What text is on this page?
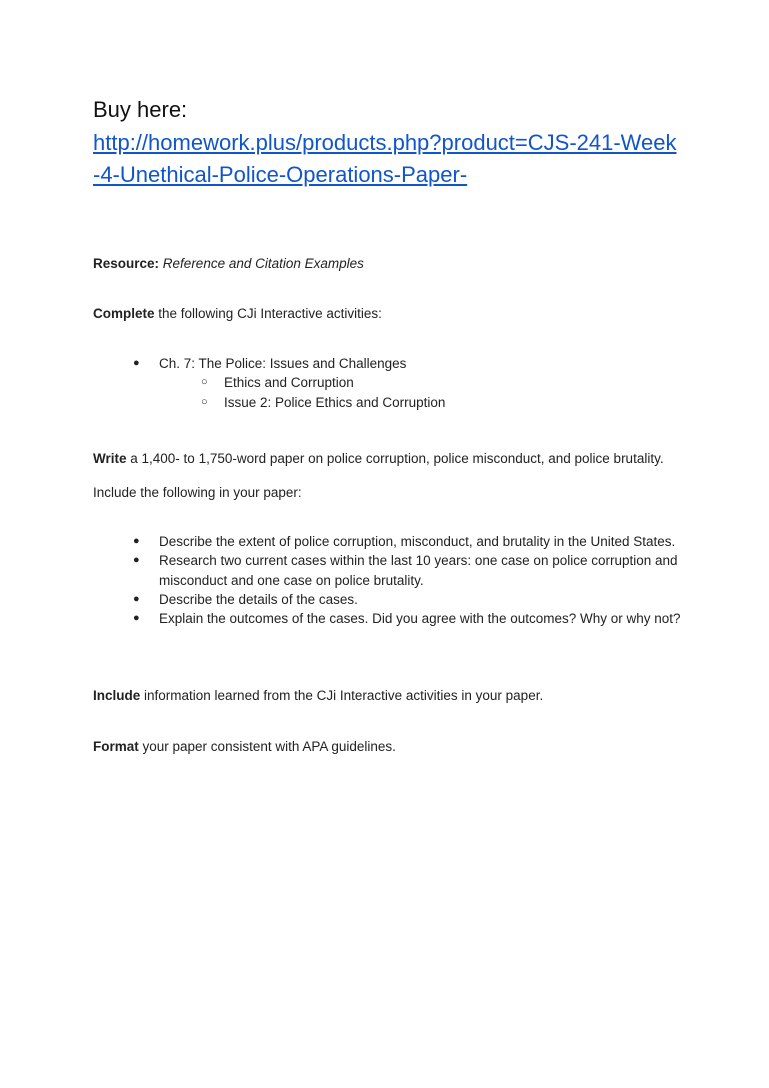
Buy here:
http://homework.plus/products.php?product=CJS-241-Week-4-Unethical-Police-Operations-Paper-

Resource: Reference and Citation Examples

Complete the following CJi Interactive activities:

● Ch. 7: The Police: Issues and Challenges
○ Ethics and Corruption
○ Issue 2: Police Ethics and Corruption

Write a 1,400- to 1,750-word paper on police corruption, police misconduct, and police brutality. Include the following in your paper:

● Describe the extent of police corruption, misconduct, and brutality in the United States.
● Research two current cases within the last 10 years: one case on police corruption and misconduct and one case on police brutality.
● Describe the details of the cases.
● Explain the outcomes of the cases. Did you agree with the outcomes? Why or why not?

Include information learned from the CJi Interactive activities in your paper.

Format your paper consistent with APA guidelines.
